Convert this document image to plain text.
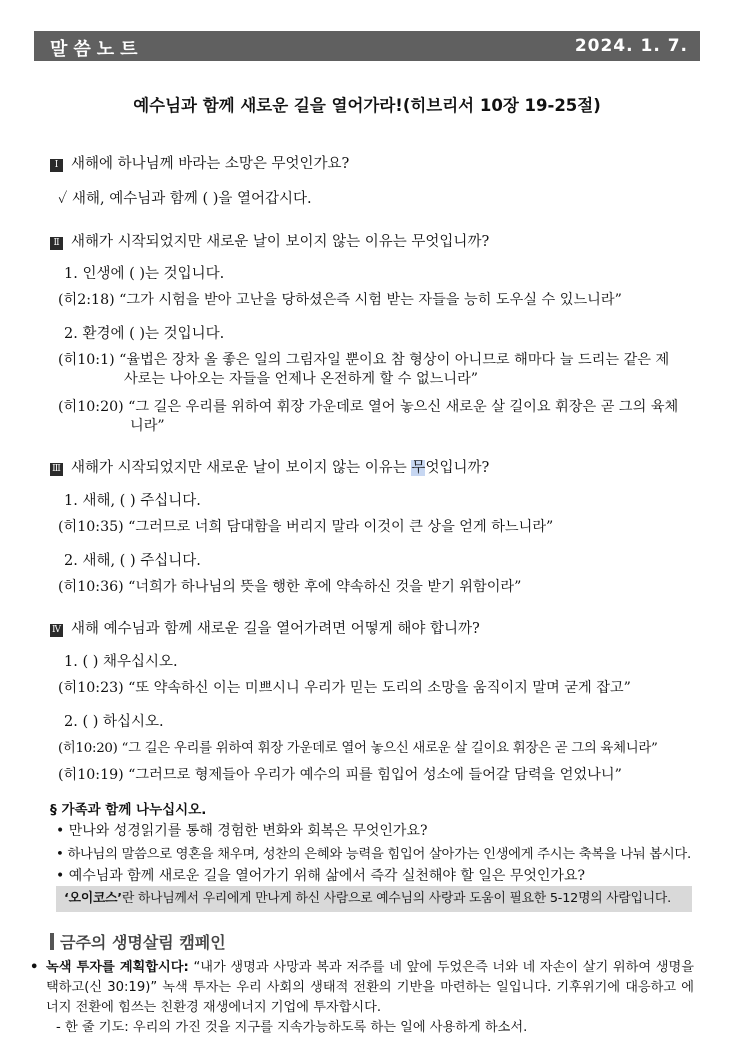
말씀노트	2024. 1. 7.
예수님과 함께 새로운 길을 열어가라!(히브리서 10장 19-25절)
Ⅰ 새해에 하나님께 바라는 소망은 무엇인가요?
✓ 새해, 예수님과 함께 ( )을 열어갑시다.
Ⅱ 새해가 시작되었지만 새로운 날이 보이지 않는 이유는 무엇입니까?
1. 인생에 ( )는 것입니다.
(히2:18) “그가 시험을 받아 고난을 당하셨은즉 시험 받는 자들을 능히 도우실 수 있느니라”
2. 환경에 ( )는 것입니다.
(히10:1) “율법은 장차 올 좋은 일의 그림자일 뿐이요 참 형상이 아니므로 해마다 늘 드리는 같은 제
사로는 나아오는 자들을 언제나 온전하게 할 수 없느니라”
(히10:20) “그 길은 우리를 위하여 휘장 가운데로 열어 놓으신 새로운 살 길이요 휘장은 곧 그의 육체
니라”
Ⅲ 새해가 시작되었지만 새로운 날이 보이지 않는 이유는 무엇입니까?
1. 새해, ( ) 주십니다.
(히10:35) “그러므로 너희 담대함을 버리지 말라 이것이 큰 상을 얻게 하느니라”
2. 새해, ( ) 주십니다.
(히10:36) “너희가 하나님의 뜻을 행한 후에 약속하신 것을 받기 위함이라”
Ⅳ 새해 예수님과 함께 새로운 길을 열어가려면 어떻게 해야 합니까?
1. ( ) 채우십시오.
(히10:23) “또 약속하신 이는 미쁘시니 우리가 믿는 도리의 소망을 움직이지 말며 굳게 잡고”
2. ( ) 하십시오.
(히10:20) “그 길은 우리를 위하여 휘장 가운데로 열어 놓으신 새로운 살 길이요 휘장은 곧 그의 육체니라”
(히10:19) “그러므로 형제들아 우리가 예수의 피를 힘입어 성소에 들어갈 담력을 얻었나니”
§ 가족과 함께 나누십시오.
• 만나와 성경읽기를 통해 경험한 변화와 회복은 무엇인가요?
• 하나님의 말씀으로 영혼을 채우며, 성찬의 은혜와 능력을 힘입어 살아가는 인생에게 주시는 축복을 나눠 봅시다.
• 예수님과 함께 새로운 길을 열어가기 위해 삶에서 즉각 실천해야 할 일은 무엇인가요?
‘오이코스’란 하나님께서 우리에게 만나게 하신 사람으로 예수님의 사랑과 도움이 필요한 5-12명의 사람입니다.
금주의 생명살림 캠페인
• 녹색 투자를 계획합시다: “내가 생명과 사망과 복과 저주를 네 앞에 두었은즉 너와 네 자손이 살기 위하여 생명을 택하고(신 30:19)” 녹색 투자는 우리 사회의 생태적 전환의 기반을 마련하는 일입니다. 기후위기에 대응하고 에너지 전환에 힘쓰는 친환경 재생에너지 기업에 투자합시다.

- 한 줄 기도: 우리의 가진 것을 지구를 지속가능하도록 하는 일에 사용하게 하소서.
